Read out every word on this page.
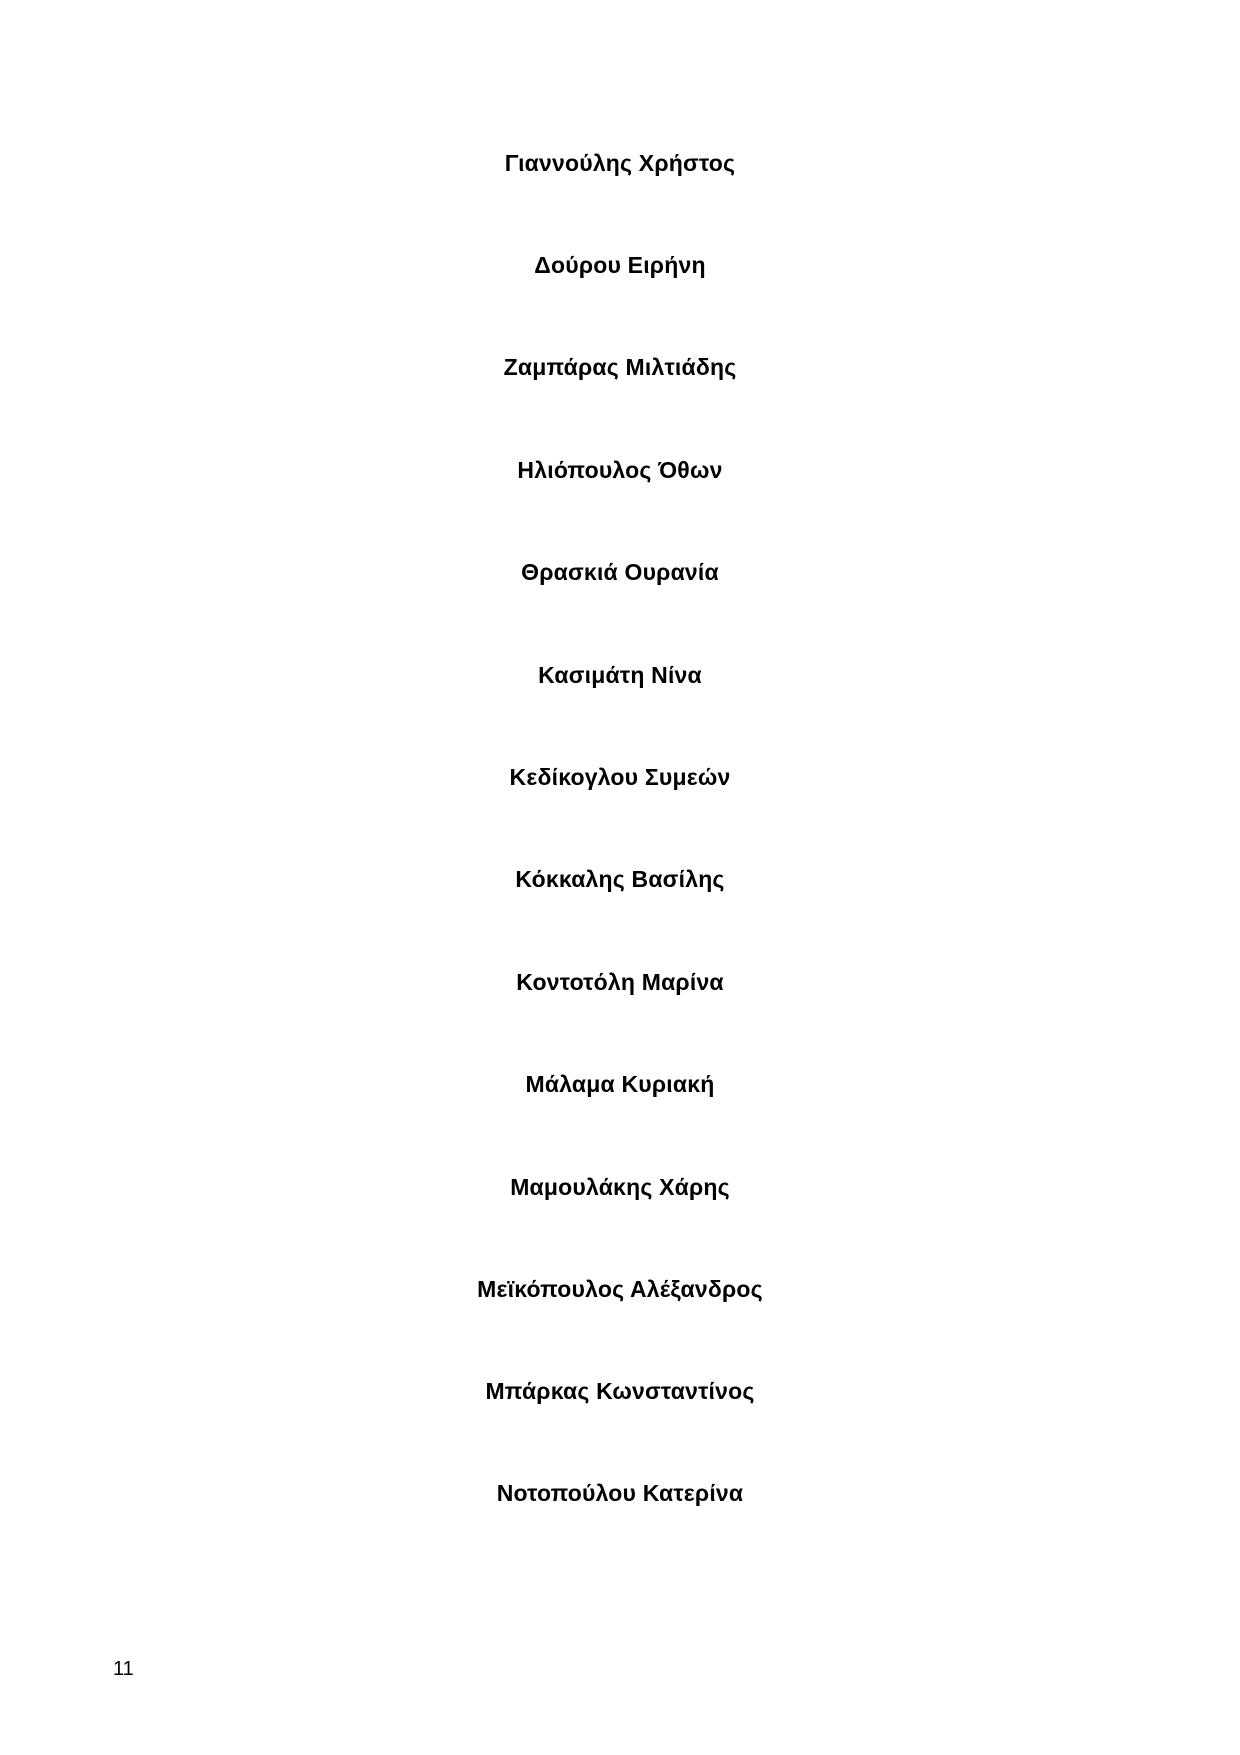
Γιαννούλης Χρήστος
Δούρου Ειρήνη
Ζαμπάρας Μιλτιάδης
Ηλιόπουλος Όθων
Θρασκιά Ουρανία
Κασιμάτη Νίνα
Κεδίκογλου Συμεών
Κόκκαλης Βασίλης
Κοντοτόλη Μαρίνα
Μάλαμα Κυριακή
Μαμουλάκης Χάρης
Μεϊκόπουλος Αλέξανδρος
Μπάρκας Κωνσταντίνος
Νοτοπούλου Κατερίνα
11
